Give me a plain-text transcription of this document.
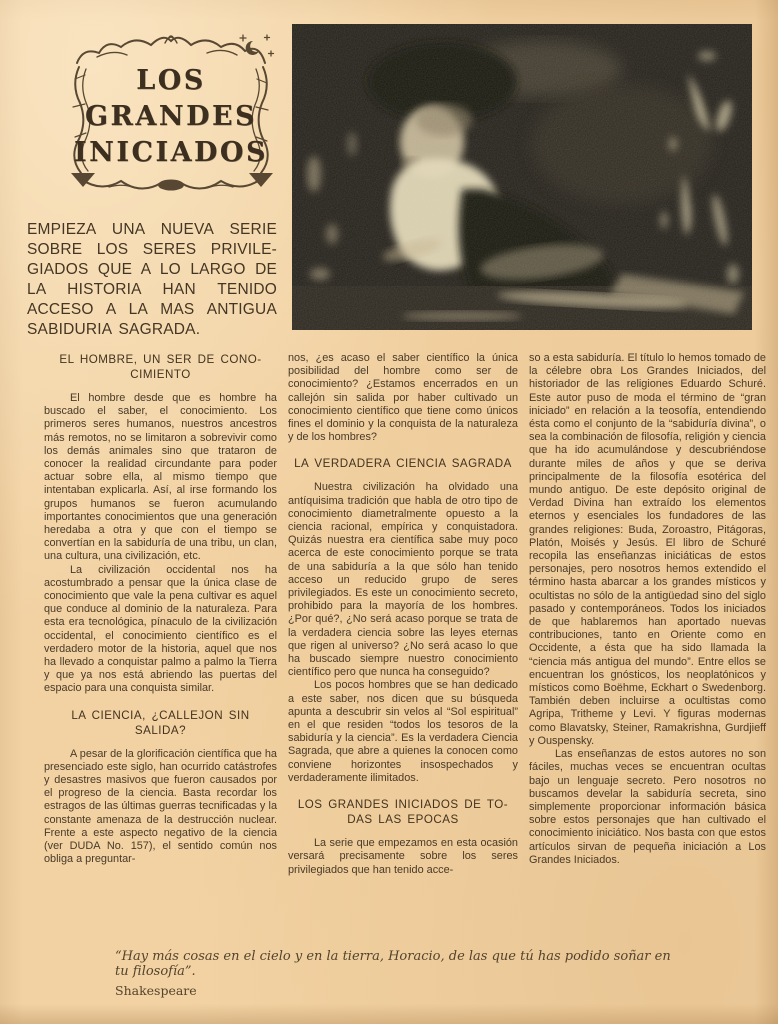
LOS
GRANDES
INICIADOS
EMPIEZA UNA NUEVA SERIE SOBRE LOS SERES PRIVILE-GIADOS QUE A LO LARGO DE LA HISTORIA HAN TENIDO ACCESO A LA MAS ANTIGUA SABIDURIA SAGRADA.
EL HOMBRE, UN SER DE CONO-CIMIENTO

El hombre desde que es hombre ha buscado el saber, el conocimiento. Los primeros seres humanos, nuestros ancestros más remotos, no se limitaron a sobrevivir como los demás animales sino que trataron de conocer la realidad circundante para poder actuar sobre ella, al mismo tiempo que intentaban explicarla. Así, al irse formando los grupos humanos se fueron acumulando importantes conocimientos que una generación heredaba a otra y que con el tiempo se convertían en la sabiduría de una tribu, un clan, una cultura, una civilización, etc.

La civilización occidental nos ha acostumbrado a pensar que la única clase de conocimiento que vale la pena cultivar es aquel que conduce al dominio de la naturaleza. Para esta era tecnológica, pínaculo de la civilización occidental, el conocimiento científico es el verdadero motor de la historia, aquel que nos ha llevado a conquistar palmo a palmo la Tierra y que ya nos está abriendo las puertas del espacio para una conquista similar.

LA CIENCIA, ¿CALLEJON SIN SALIDA?

A pesar de la glorificación científica que ha presenciado este siglo, han ocurrido catástrofes y desastres masivos que fueron causados por el progreso de la ciencia. Basta recordar los estragos de las últimas guerras tecnificadas y la constante amenaza de la destrucción nuclear. Frente a este aspecto negativo de la ciencia (ver DUDA No. 157), el sentido común nos obliga a preguntar-

nos, ¿es acaso el saber científico la única posibilidad del hombre como ser de conocimiento? ¿Estamos encerrados en un callejón sin salida por haber cultivado un conocimiento científico que tiene como únicos fines el dominio y la conquista de la naturaleza y de los hombres?

LA VERDADERA CIENCIA SAGRADA

Nuestra civilización ha olvidado una antíquisima tradición que habla de otro tipo de conocimiento diametralmente opuesto a la ciencia racional, empírica y conquistadora. Quizás nuestra era científica sabe muy poco acerca de este conocimiento porque se trata de una sabiduría a la que sólo han tenido acceso un reducido grupo de seres privilegiados. Es este un conocimiento secreto, prohibido para la mayoría de los hombres. ¿Por qué?, ¿No será acaso porque se trata de la verdadera ciencia sobre las leyes eternas que rigen al universo? ¿No será acaso lo que ha buscado siempre nuestro conocimiento científico pero que nunca ha conseguido?

Los pocos hombres que se han dedicado a este saber, nos dicen que su búsqueda apunta a descubrir sin velos al “Sol espiritual” en el que residen “todos los tesoros de la sabiduría y la ciencia”. Es la verdadera Ciencia Sagrada, que abre a quienes la conocen como conviene horizontes insospechados y verdaderamente ilimitados.

LOS GRANDES INICIADOS DE TO-DAS LAS EPOCAS

La serie que empezamos en esta ocasión versará precisamente sobre los seres privilegiados que han tenido acce-

so a esta sabiduría. El título lo hemos tomado de la célebre obra Los Grandes Iniciados, del historiador de las religiones Eduardo Schuré. Este autor puso de moda el término de “gran iniciado” en relación a la teosofía, entendiendo ésta como el conjunto de la “sabiduría divina”, o sea la combinación de filosofía, religión y ciencia que ha ido acumulándose y descubriéndose durante miles de años y que se deriva principalmente de la filosofía esotérica del mundo antiguo. De este depósito original de Verdad Divina han extraído los elementos eternos y esenciales los fundadores de las grandes religiones: Buda, Zoroastro, Pitágoras, Platón, Moisés y Jesús. El libro de Schuré recopila las enseñanzas iniciáticas de estos personajes, pero nosotros hemos extendido el término hasta abarcar a los grandes místicos y ocultistas no sólo de la antigüedad sino del siglo pasado y contemporáneos. Todos los iniciados de que hablaremos han aportado nuevas contribuciones, tanto en Oriente como en Occidente, a ésta que ha sido llamada la “ciencia más antigua del mundo”. Entre ellos se encuentran los gnósticos, los neoplatónicos y místicos como Boëhme, Eckhart o Swedenborg. También deben incluirse a ocultistas como Agripa, Tritheme y Levi. Y figuras modernas como Blavatsky, Steiner, Ramakrishna, Gurdjieff y Ouspensky.

Las enseñanzas de estos autores no son fáciles, muchas veces se encuentran ocultas bajo un lenguaje secreto. Pero nosotros no buscamos develar la sabiduría secreta, sino simplemente proporcionar información básica sobre estos personajes que han cultivado el conocimiento iniciático. Nos basta con que estos artículos sirvan de pequeña iniciación a Los Grandes Iniciados.

“Hay más cosas en el cielo y en la tierra, Horacio, de las que tú has podido soñar en tu filosofía”.
Shakespeare
